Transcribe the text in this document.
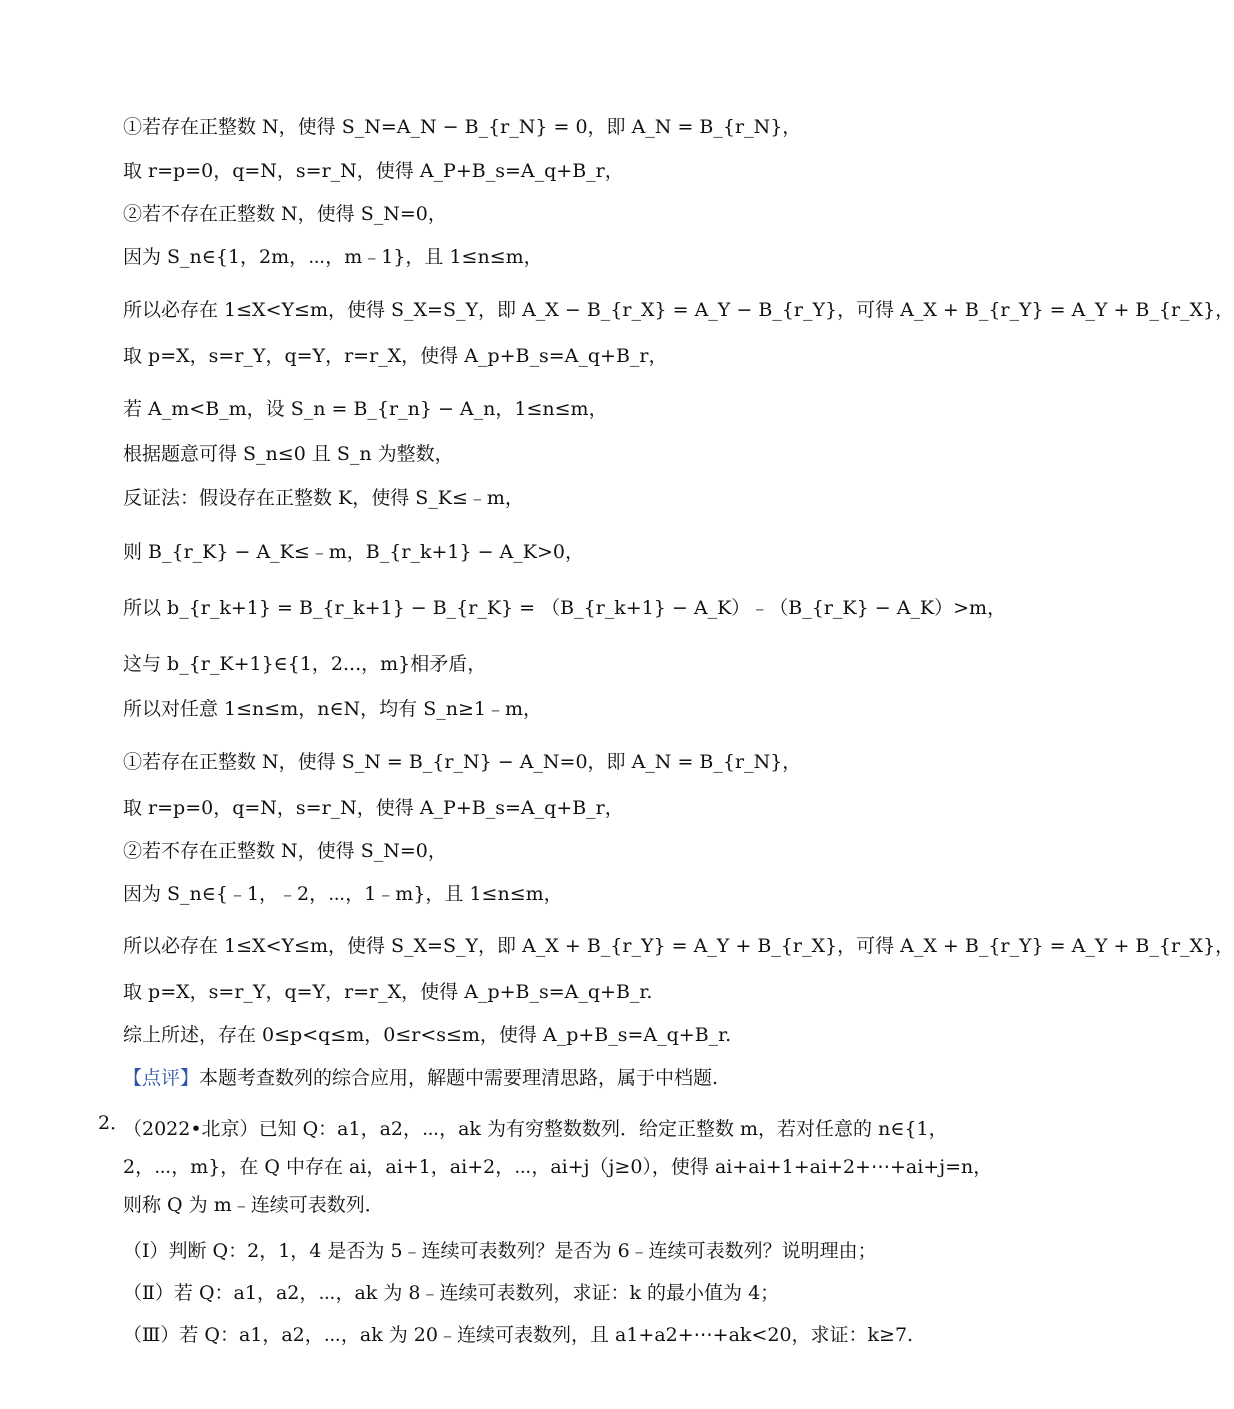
①若存在正整数 N，使得 S_N=A_N − B_{r_N} = 0，即 A_N = B_{r_N}，
取 r=p=0，q=N，s=r_N，使得 A_P+B_s=A_q+B_r，
②若不存在正整数 N，使得 S_N=0，
因为 S_n∈{1，2m，⋯，m﹣1}，且 1≤n≤m，
所以必存在 1≤X<Y≤m，使得 S_X=S_Y，即 A_X − B_{r_X} = A_Y − B_{r_Y}，可得 A_X + B_{r_Y} = A_Y + B_{r_X}，
取 p=X，s=r_Y，q=Y，r=r_X，使得 A_p+B_s=A_q+B_r，
若 A_m<B_m，设 S_n = B_{r_n} − A_n，1≤n≤m，
根据题意可得 S_n≤0 且 S_n 为整数，
反证法：假设存在正整数 K，使得 S_K≤﹣m，
则 B_{r_K} − A_K≤﹣m，B_{r_k+1} − A_K>0，
所以 b_{r_k+1} = B_{r_k+1} − B_{r_K} = （B_{r_k+1} − A_K）﹣（B_{r_K} − A_K）>m，
这与 b_{r_K+1}∈{1，2...，m}相矛盾，
所以对任意 1≤n≤m，n∈N，均有 S_n≥1﹣m，
①若存在正整数 N，使得 S_N = B_{r_N} − A_N=0，即 A_N = B_{r_N}，
取 r=p=0，q=N，s=r_N，使得 A_P+B_s=A_q+B_r，
②若不存在正整数 N，使得 S_N=0，
因为 S_n∈{﹣1，﹣2，⋯，1﹣m}，且 1≤n≤m，
所以必存在 1≤X<Y≤m，使得 S_X=S_Y，即 A_X + B_{r_Y} = A_Y + B_{r_X}，可得 A_X + B_{r_Y} = A_Y + B_{r_X}，
取 p=X，s=r_Y，q=Y，r=r_X，使得 A_p+B_s=A_q+B_r.
综上所述，存在 0≤p<q≤m，0≤r<s≤m，使得 A_p+B_s=A_q+B_r.
【点评】本题考查数列的综合应用，解题中需要理清思路，属于中档题.
2．
（2022•北京）已知 Q：a1，a2，⋯，ak 为有穷整数数列．给定正整数 m，若对任意的 n∈{1，2，⋯，m}，在 Q 中存在 ai，ai+1，ai+2，⋯，ai+j（j≥0），使得 ai+ai+1+ai+2+⋯+ai+j=n，则称 Q 为 m﹣连续可表数列．
（Ⅰ）判断 Q：2，1，4 是否为 5﹣连续可表数列？是否为 6﹣连续可表数列？说明理由；
（Ⅱ）若 Q：a1，a2，⋯，ak 为 8﹣连续可表数列，求证：k 的最小值为 4；
（Ⅲ）若 Q：a1，a2，⋯，ak 为 20﹣连续可表数列，且 a1+a2+⋯+ak<20，求证：k≥7.
